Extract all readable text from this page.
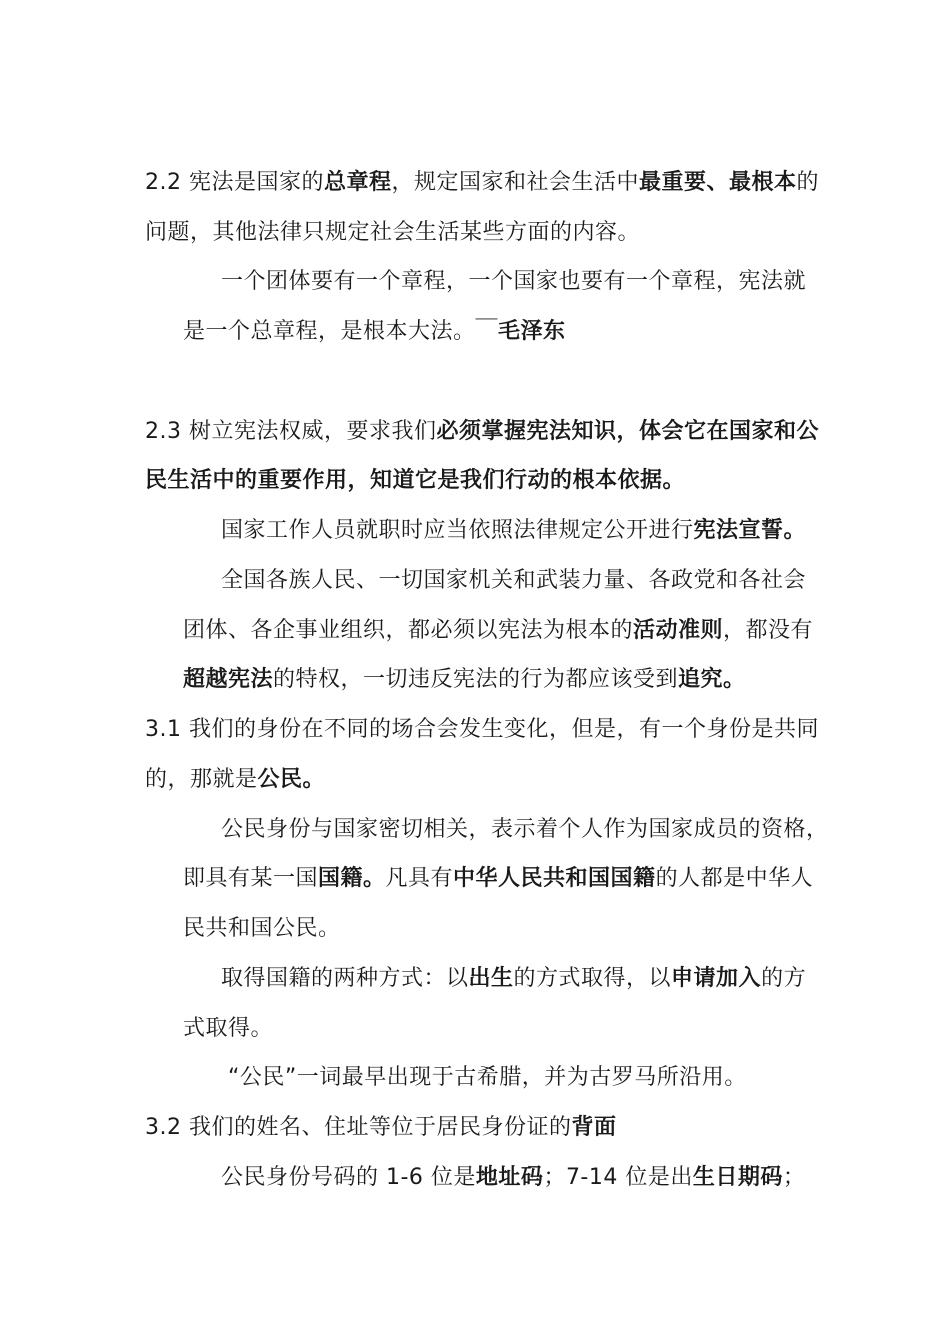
2.2 宪法是国家的总章程，规定国家和社会生活中最重要、最根本的
问题，其他法律只规定社会生活某些方面的内容。
一个团体要有一个章程，一个国家也要有一个章程，宪法就
是一个总章程，是根本大法。￣毛泽东
2.3 树立宪法权威，要求我们必须掌握宪法知识，体会它在国家和公
民生活中的重要作用，知道它是我们行动的根本依据。
国家工作人员就职时应当依照法律规定公开进行宪法宣誓。
全国各族人民、一切国家机关和武装力量、各政党和各社会
团体、各企事业组织，都必须以宪法为根本的活动准则，都没有
超越宪法的特权，一切违反宪法的行为都应该受到追究。
3.1 我们的身份在不同的场合会发生变化，但是，有一个身份是共同
的，那就是公民。
公民身份与国家密切相关，表示着个人作为国家成员的资格，
即具有某一国国籍。凡具有中华人民共和国国籍的人都是中华人
民共和国公民。
取得国籍的两种方式：以出生的方式取得，以申请加入的方
式取得。
“公民”一词最早出现于古希腊，并为古罗马所沿用。
3.2 我们的姓名、住址等位于居民身份证的背面
公民身份号码的 1-6 位是地址码；7-14 位是出生日期码；
